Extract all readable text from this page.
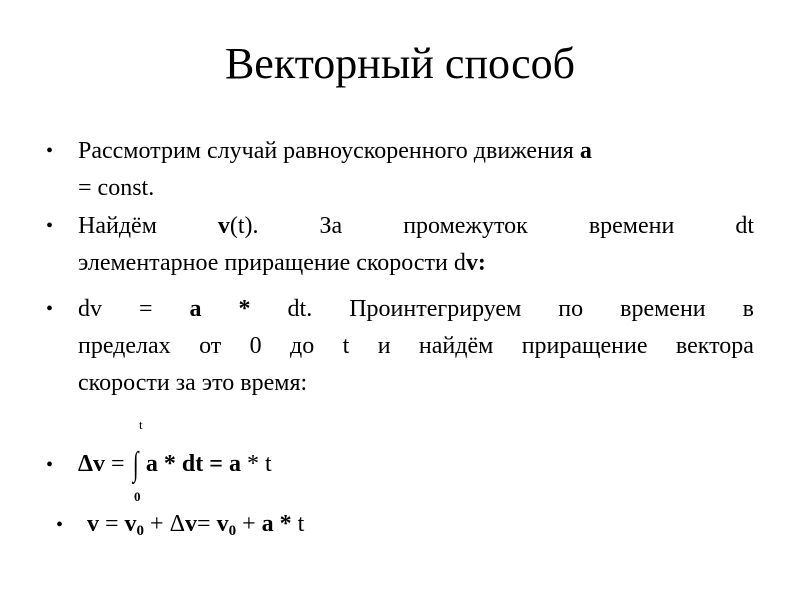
Векторный способ
• Рассмотрим случай равноускоренного движения a
= const.
• Найдём	v(t).	За	промежуток	времени	dt
элементарное приращение скорости dv:
• dv = a * dt. Проинтегрируем по времени в
пределах от 0 до t и найдём приращение вектора
скорости за это время:
t
0
• Δv = ∫ a * dt = a * t
• $v = v_0 + \Delta v= v_0 + a * t$
